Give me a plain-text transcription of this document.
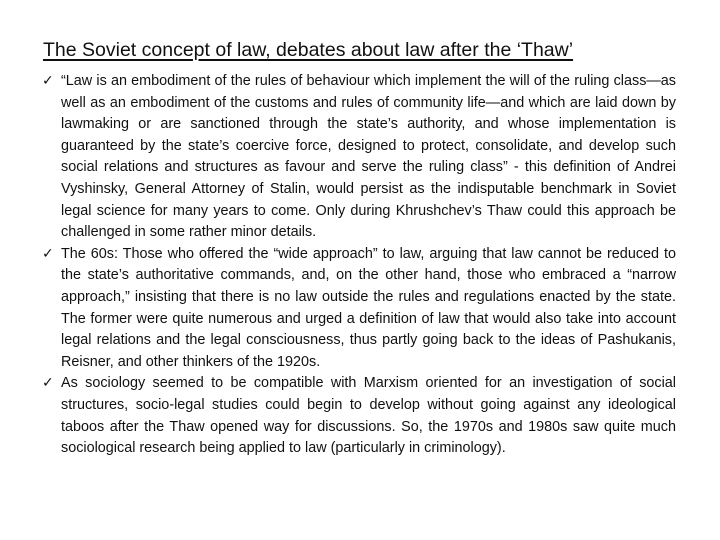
The Soviet concept of law, debates about law after the ‘Thaw’
✓ “Law is an embodiment of the rules of behaviour which implement the will of the ruling class—as well as an embodiment of the customs and rules of community life—and which are laid down by lawmaking or are sanctioned through the state’s authority, and whose implementation is guaranteed by the state’s coercive force, designed to protect, consolidate, and develop such social relations and structures as favour and serve the ruling class” - this definition of Andrei Vyshinsky, General Attorney of Stalin, would persist as the indisputable benchmark in Soviet legal science for many years to come. Only during Khrushchev’s Thaw could this approach be challenged in some rather minor details.
✓ The 60s: Those who offered the “wide approach” to law, arguing that law cannot be reduced to the state’s authoritative commands, and, on the other hand, those who embraced a “narrow approach,” insisting that there is no law outside the rules and regulations enacted by the state. The former were quite numerous and urged a definition of law that would also take into account legal relations and the legal consciousness, thus partly going back to the ideas of Pashukanis, Reisner, and other thinkers of the 1920s.
✓ As sociology seemed to be compatible with Marxism oriented for an investigation of social structures, socio-legal studies could begin to develop without going against any ideological taboos after the Thaw opened way for discussions. So, the 1970s and 1980s saw quite much sociological research being applied to law (particularly in criminology).
